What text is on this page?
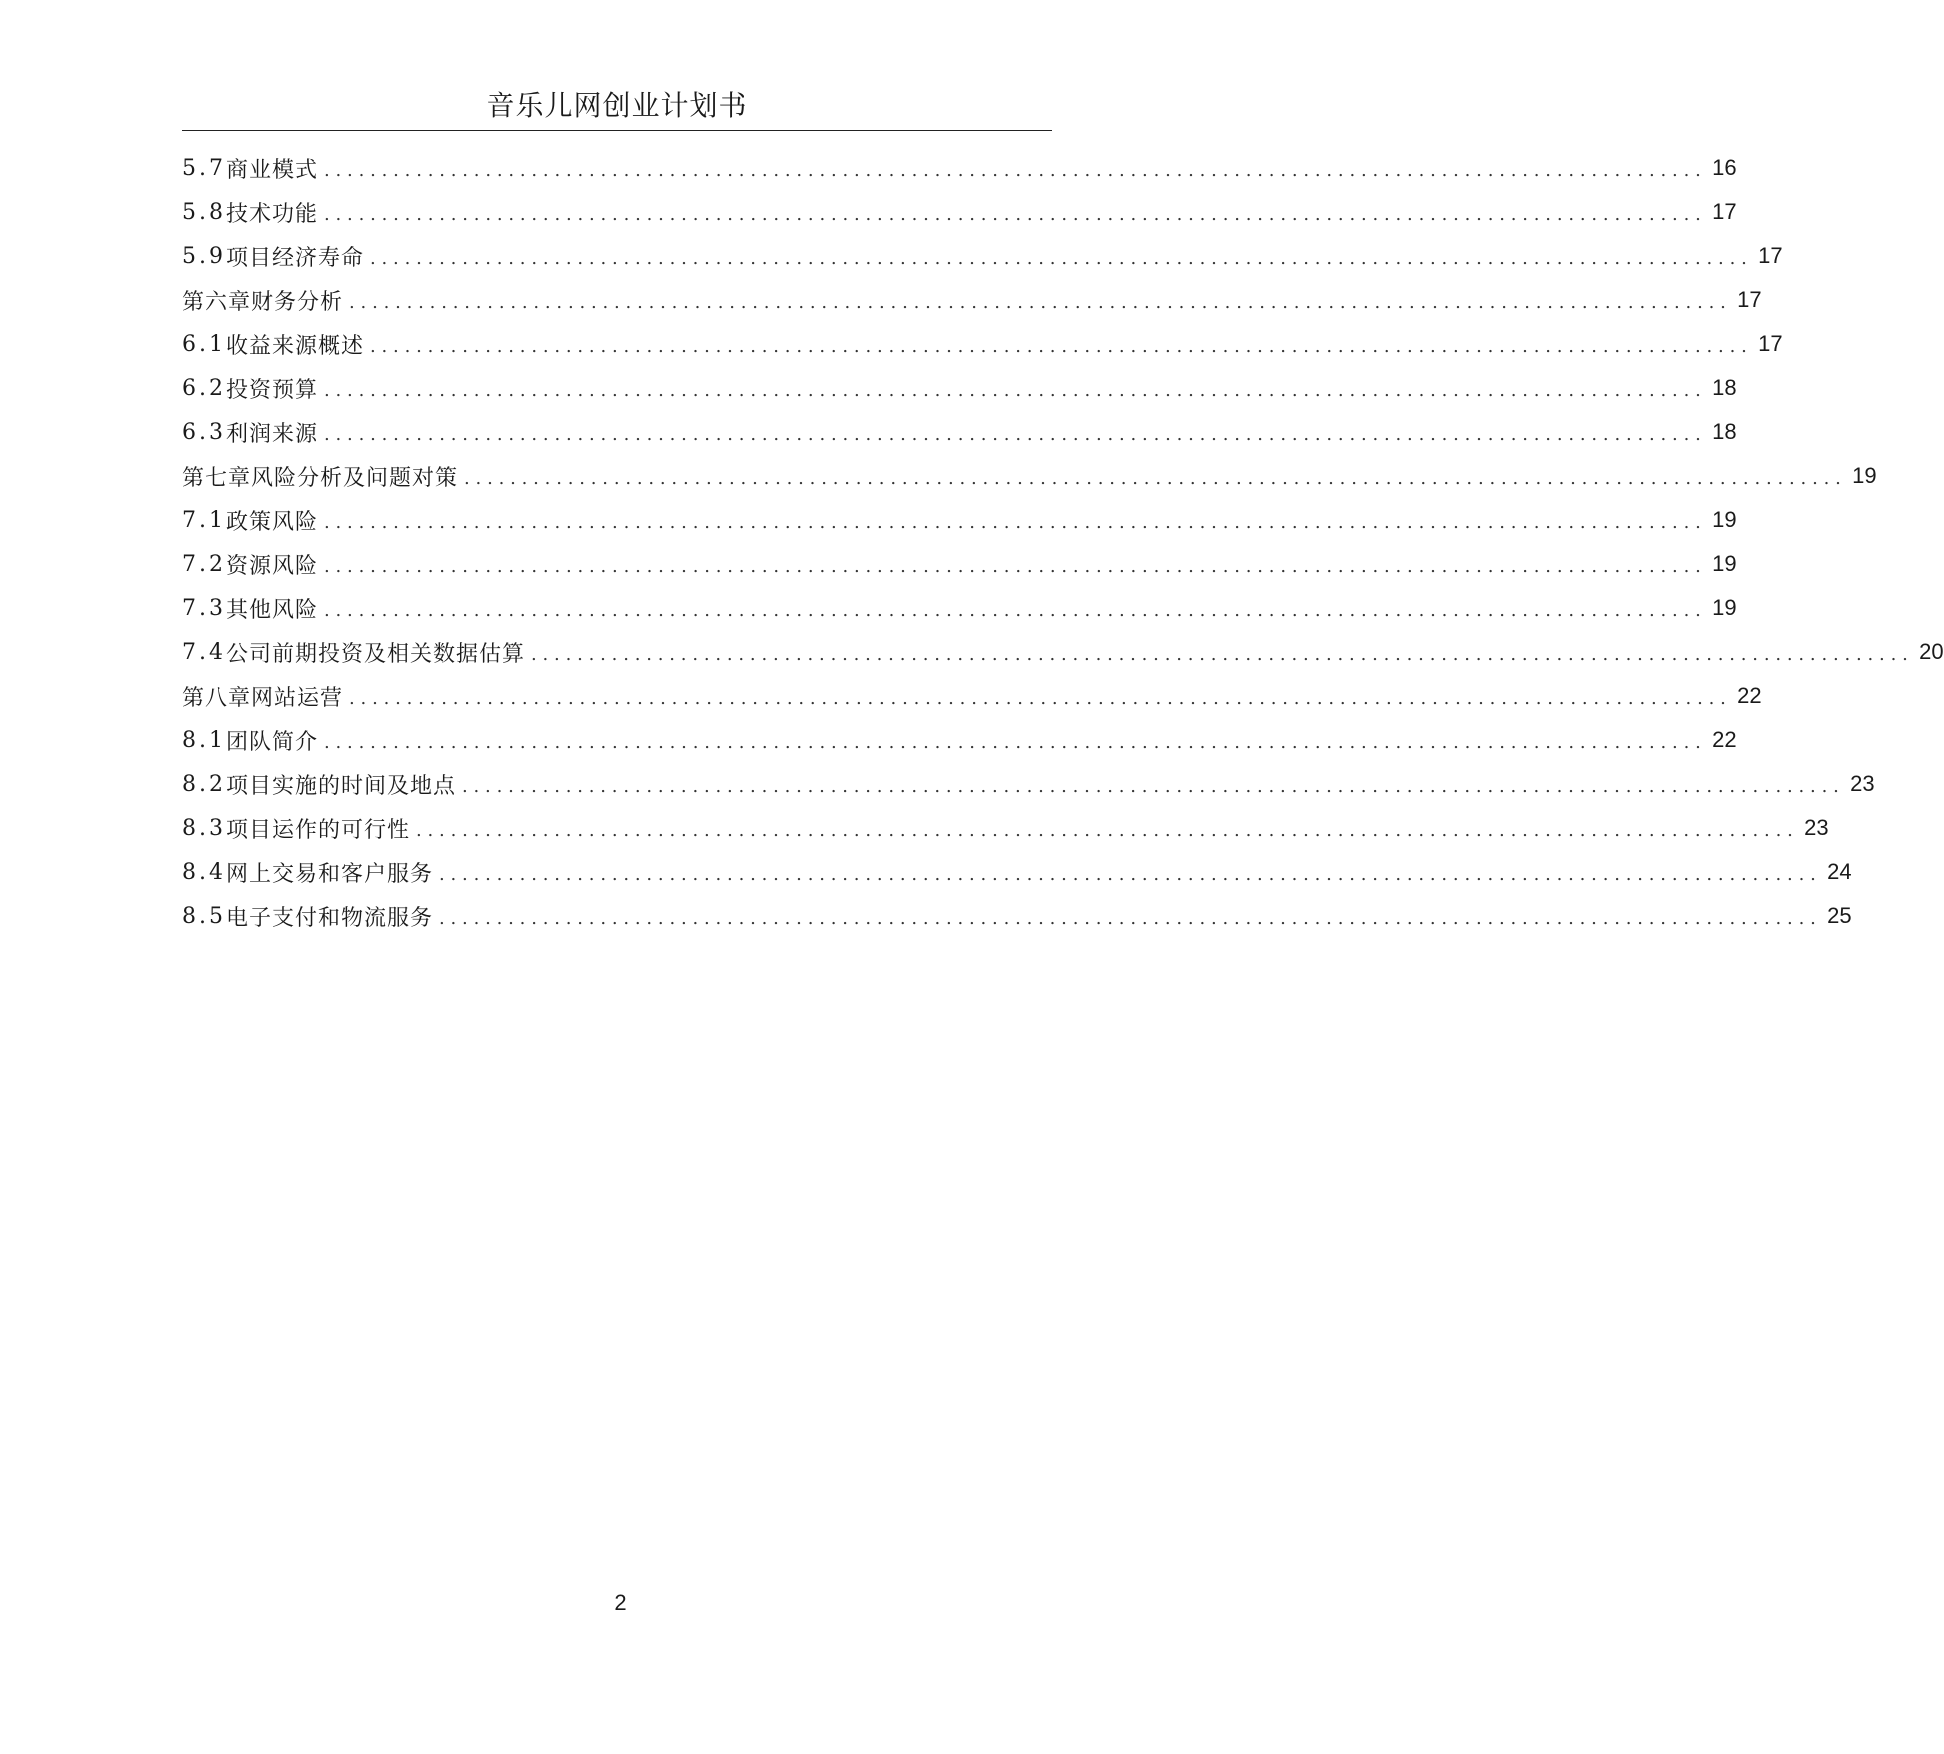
音乐儿网创业计划书
5.7 商业模式 ........................................................................................................................ 16
5.8 技术功能 ........................................................................................................................ 17
5.9 项目经济寿命 ........................................................................................................................ 17
第六章 财务分析 ........................................................................................................................ 17
6.1 收益来源概述 ........................................................................................................................ 17
6.2 投资预算 ........................................................................................................................ 18
6.3 利润来源 ........................................................................................................................ 18
第七章 风险分析及问题对策 ........................................................................................................................ 19
7.1 政策风险 ........................................................................................................................ 19
7.2 资源风险 ........................................................................................................................ 19
7.3 其他风险 ........................................................................................................................ 19
7.4 公司前期投资及相关数据估算 ........................................................................................................................ 20
第八章 网站运营 ........................................................................................................................ 22
8.1 团队简介 ........................................................................................................................ 22
8.2 项目实施的时间及地点 ........................................................................................................................ 23
8.3 项目运作的可行性 ........................................................................................................................ 23
8.4 网上交易和客户服务 ........................................................................................................................ 24
8.5 电子支付和物流服务 ........................................................................................................................ 25
2
